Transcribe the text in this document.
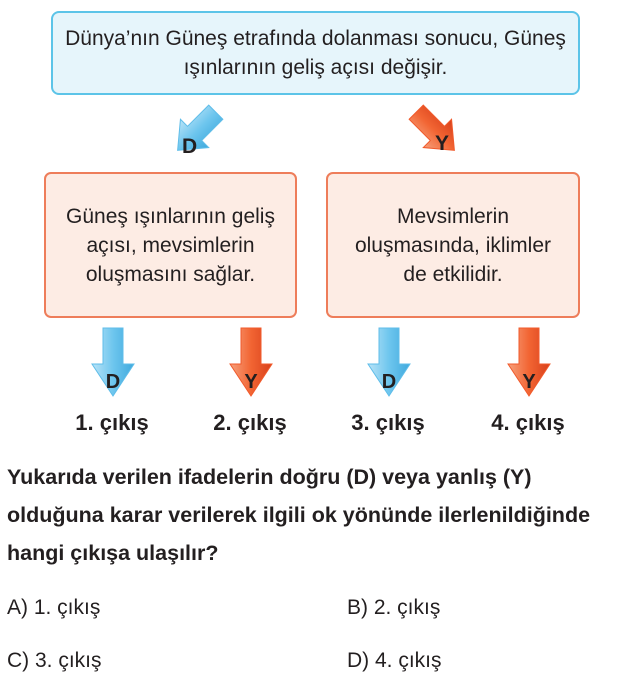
Dünya’nın Güneş etrafında dolanması sonucu, Güneş ışınlarının geliş açısı değişir.
D	Y
Güneş ışınlarının geliş açısı, mevsimlerin oluşmasını sağlar.
Mevsimlerin oluşmasında, iklimler de etkilidir.
D	Y	D	Y
1. çıkış	2. çıkış	3. çıkış	4. çıkış
Yukarıda verilen ifadelerin doğru (D) veya yanlış (Y) olduğuna karar verilerek ilgili ok yönünde ilerlenildiğinde hangi çıkışa ulaşılır?
A) 1. çıkış	B) 2. çıkış
C) 3. çıkış	D) 4. çıkış
